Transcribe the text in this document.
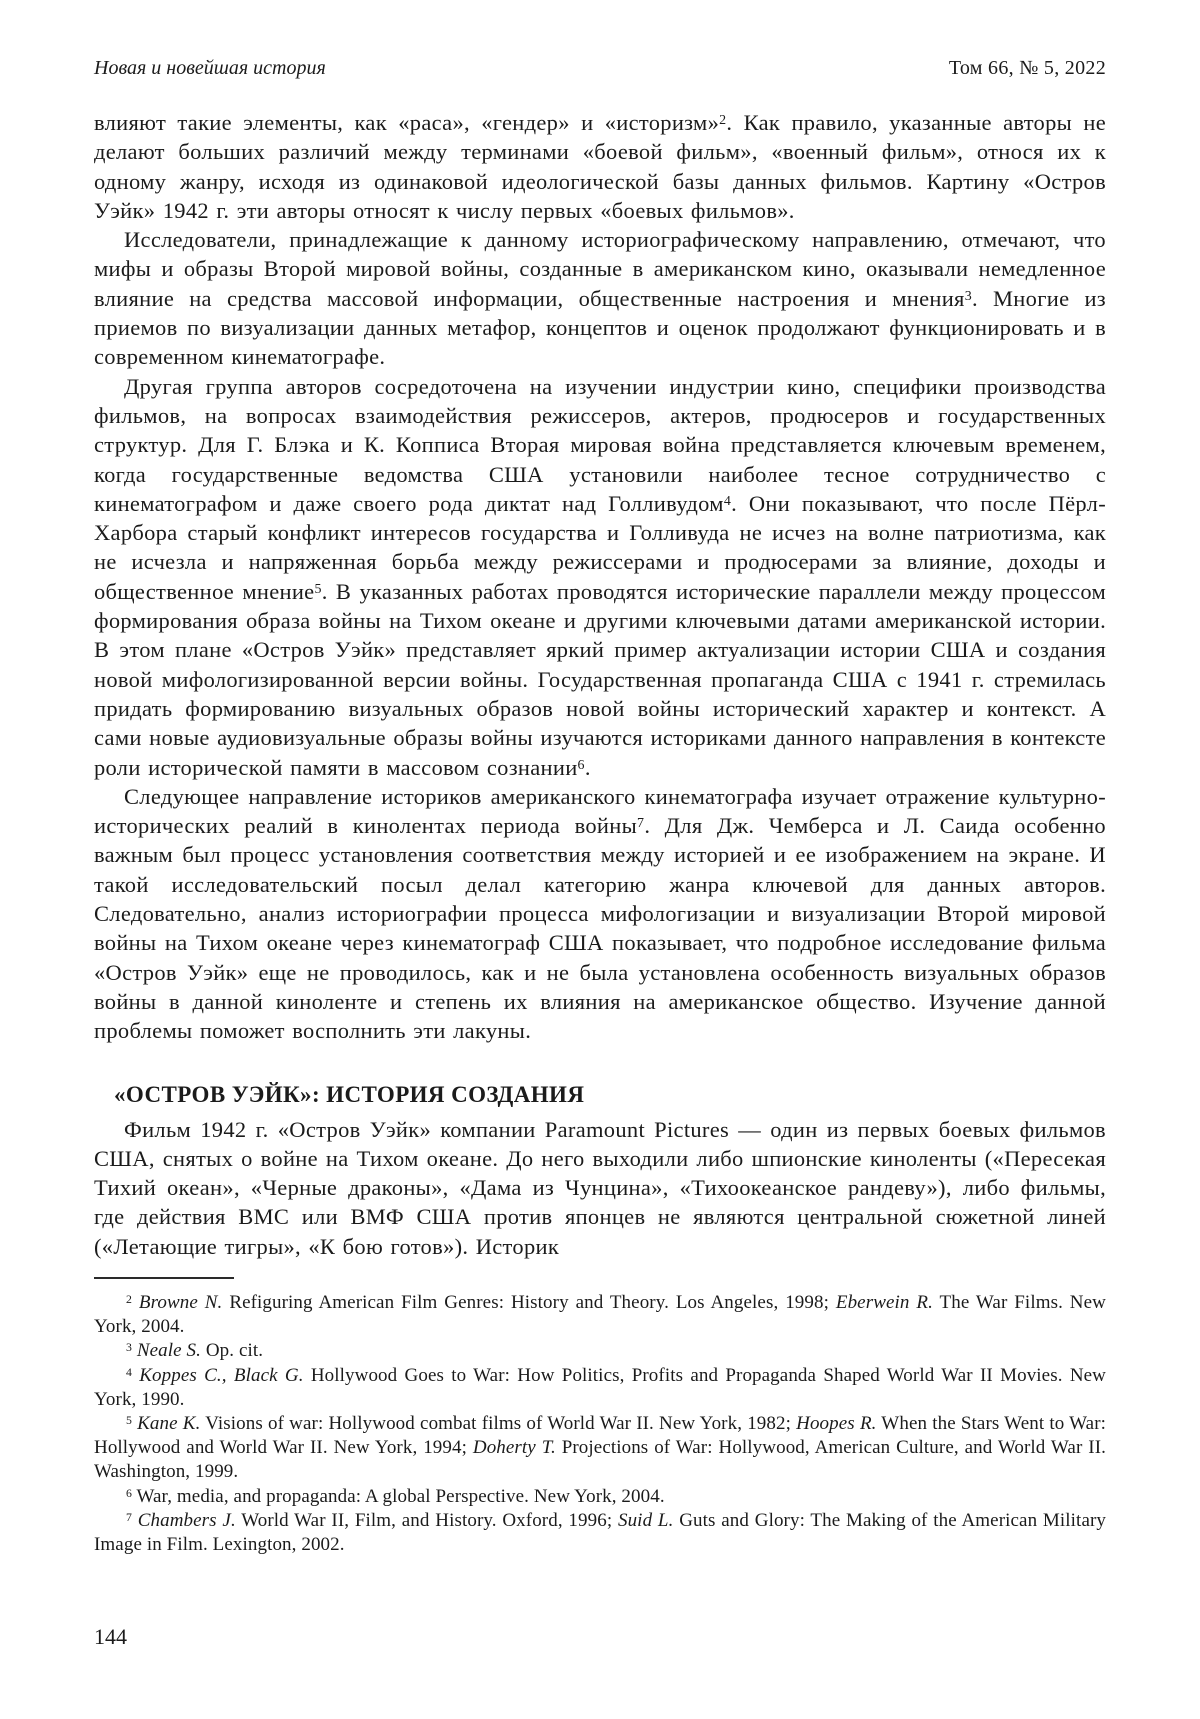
Новая и новейшая история	Том 66, № 5, 2022

влияют такие элементы, как «раса», «гендер» и «историзм»$^2$. Как правило, указанные авторы не делают больших различий между терминами «боевой фильм», «военный фильм», относя их к одному жанру, исходя из одинаковой идеологической базы данных фильмов. Картину «Остров Уэйк» 1942 г. эти авторы относят к числу первых «боевых фильмов».

Исследователи, принадлежащие к данному историографическому направлению, отмечают, что мифы и образы Второй мировой войны, созданные в американском кино, оказывали немедленное влияние на средства массовой информации, общественные настроения и мнения$^3$. Многие из приемов по визуализации данных метафор, концептов и оценок продолжают функционировать и в современном кинематографе.

Другая группа авторов сосредоточена на изучении индустрии кино, специфики производства фильмов, на вопросах взаимодействия режиссеров, актеров, продюсеров и государственных структур. Для Г. Блэка и К. Копписа Вторая мировая война представляется ключевым временем, когда государственные ведомства США установили наиболее тесное сотрудничество с кинематографом и даже своего рода диктат над Голливудом$^4$. Они показывают, что после Пёрл-Харбора старый конфликт интересов государства и Голливуда не исчез на волне патриотизма, как не исчезла и напряженная борьба между режиссерами и продюсерами за влияние, доходы и общественное мнение$^5$. В указанных работах проводятся исторические параллели между процессом формирования образа войны на Тихом океане и другими ключевыми датами американской истории. В этом плане «Остров Уэйк» представляет яркий пример актуализации истории США и создания новой мифологизированной версии войны. Государственная пропаганда США с 1941 г. стремилась придать формированию визуальных образов новой войны исторический характер и контекст. А сами новые аудиовизуальные образы войны изучаются историками данного направления в контексте роли исторической памяти в массовом сознании$^6$.

Следующее направление историков американского кинематографа изучает отражение культурно-исторических реалий в кинолентах периода войны$^7$. Для Дж. Чемберса и Л. Саида особенно важным был процесс установления соответствия между историей и ее изображением на экране. И такой исследовательский посыл делал категорию жанра ключевой для данных авторов. Следовательно, анализ историографии процесса мифологизации и визуализации Второй мировой войны на Тихом океане через кинематограф США показывает, что подробное исследование фильма «Остров Уэйк» еще не проводилось, как и не была установлена особенность визуальных образов войны в данной киноленте и степень их влияния на американское общество. Изучение данной проблемы поможет восполнить эти лакуны.

«ОСТРОВ УЭЙК»: ИСТОРИЯ СОЗДАНИЯ

Фильм 1942 г. «Остров Уэйк» компании Paramount Pictures — один из первых боевых фильмов США, снятых о войне на Тихом океане. До него выходили либо шпионские киноленты («Пересекая Тихий океан», «Черные драконы», «Дама из Чунцина», «Тихоокеанское рандеву»), либо фильмы, где действия ВМС или ВМФ США против японцев не являются центральной сюжетной линей («Летающие тигры», «К бою готов»). Историк

$^2$ Browne N. Refiguring American Film Genres: History and Theory. Los Angeles, 1998; Eberwein R. The War Films. New York, 2004.

$^3$ Neale S. Op. cit.

$^4$ Koppes C., Black G. Hollywood Goes to War: How Politics, Profits and Propaganda Shaped World War II Movies. New York, 1990.

$^5$ Kane K. Visions of war: Hollywood combat films of World War II. New York, 1982; Hoopes R. When the Stars Went to War: Hollywood and World War II. New York, 1994; Doherty T. Projections of War: Hollywood, American Culture, and World War II. Washington, 1999.

$^6$ War, media, and propaganda: A global Perspective. New York, 2004.

$^7$ Chambers J. World War II, Film, and History. Oxford, 1996; Suid L. Guts and Glory: The Making of the American Military Image in Film. Lexington, 2002.

144
